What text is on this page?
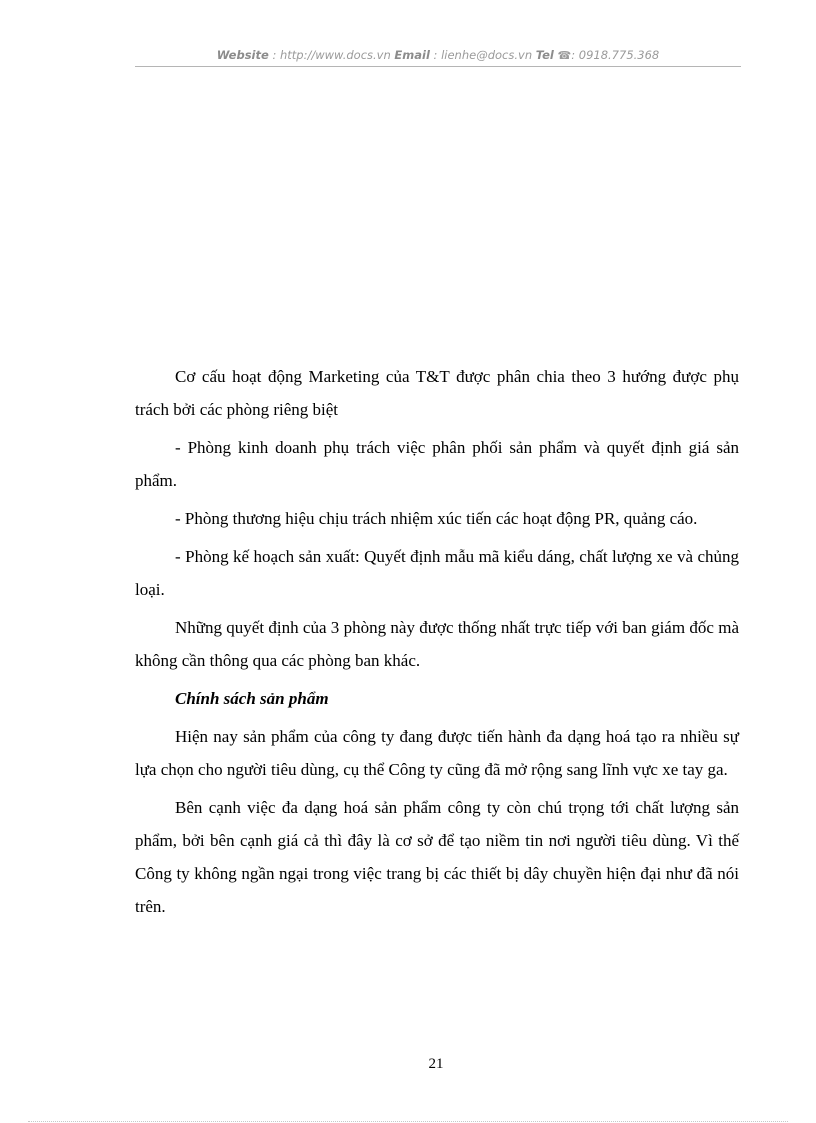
Website : http://www.docs.vn Email : lienhe@docs.vn Tel ☎: 0918.775.368

Cơ cấu hoạt động Marketing của T&T được phân chia theo 3 hướng được phụ trách bởi các phòng riêng biệt

- Phòng kinh doanh phụ trách việc phân phối sản phẩm và quyết định giá sản phẩm.

- Phòng thương hiệu chịu trách nhiệm xúc tiến các hoạt động PR, quảng cáo.

- Phòng kế hoạch sản xuất: Quyết định mẫu mã kiểu dáng, chất lượng xe và chủng loại.

Những quyết định của 3 phòng này được thống nhất trực tiếp với ban giám đốc mà không cần thông qua các phòng ban khác.

Chính sách sản phẩm

Hiện nay sản phẩm của công ty đang được tiến hành đa dạng hoá tạo ra nhiều sự lựa chọn cho người tiêu dùng, cụ thể Công ty cũng đã mở rộng sang lĩnh vực xe tay ga.

Bên cạnh việc đa dạng hoá sản phẩm công ty còn chú trọng tới chất lượng sản phẩm, bởi bên cạnh giá cả thì đây là cơ sở để tạo niềm tin nơi người tiêu dùng. Vì thế Công ty không ngần ngại trong việc trang bị các thiết bị dây chuyền hiện đại như đã nói trên.

21
